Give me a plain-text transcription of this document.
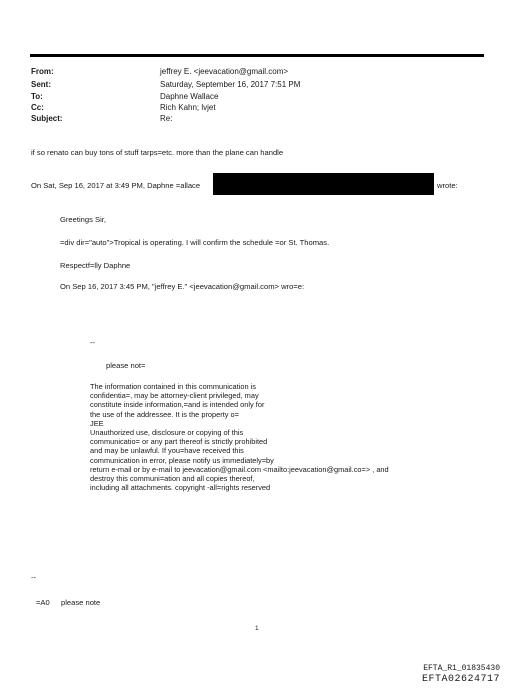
From:	jeffrey E. <jeevacation@gmail.com>
Sent:	Saturday, September 16, 2017 7:51 PM
To:	Daphne Wallace
Cc:	Rich Kahn; lvjet
Subject:	Re:
if so renato can buy tons of stuff tarps=etc. more than the plane can handle
On Sat, Sep 16, 2017 at 3:49 PM, Daphne =allace	wrote:
Greetings Sir,
=div dir="auto">Tropical is operating. I will confirm the schedule =or St. Thomas.
Respectf=lly Daphne
On Sep 16, 2017 3:45 PM, "jeffrey E." <jeevacation@gmail.com> wro=e:
--
please not=
The information contained in this communication is
confidentia=, may be attorney-client privileged, may
constitute inside information,=and is intended only for
the use of the addressee. It is the property o=
JEE
Unauthorized use, disclosure or copying of this
communicatio= or any part thereof is strictly prohibited
and may be unlawful. If you=have received this
communication in error, please notify us immediately=by
return e-mail or by e-mail to jeevacation@gmail.com <mailto:jeevacation@gmail.co=> , and
destroy this communi=ation and all copies thereof,
including all attachments. copyright -all=rights reserved
--
=A0 please note
1
EFTA_R1_01835430
EFTA02624717
